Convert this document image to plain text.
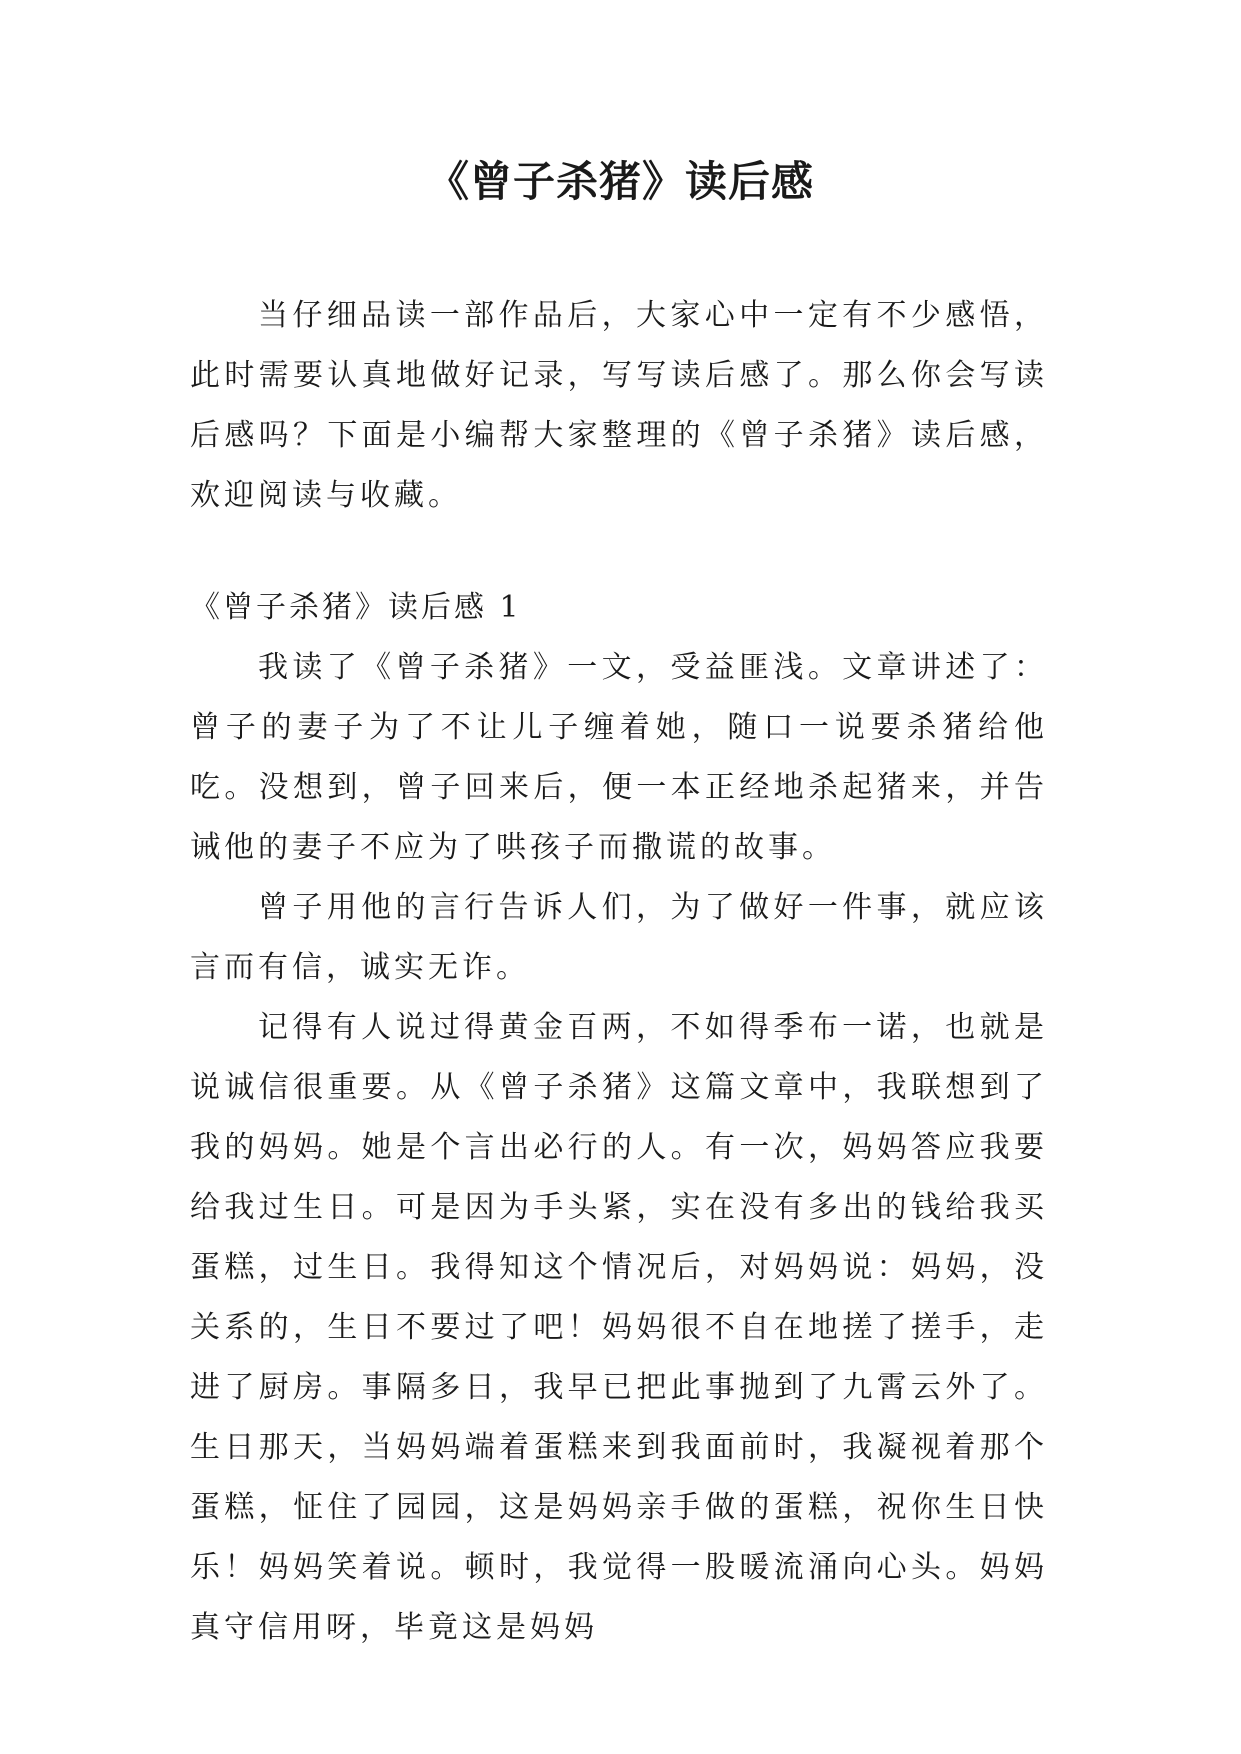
《曾子杀猪》读后感

当仔细品读一部作品后，大家心中一定有不少感悟，此时需要认真地做好记录，写写读后感了。那么你会写读后感吗？下面是小编帮大家整理的《曾子杀猪》读后感，欢迎阅读与收藏。

《曾子杀猪》读后感 1

我读了《曾子杀猪》一文，受益匪浅。文章讲述了：曾子的妻子为了不让儿子缠着她，随口一说要杀猪给他吃。没想到，曾子回来后，便一本正经地杀起猪来，并告诫他的妻子不应为了哄孩子而撒谎的故事。

曾子用他的言行告诉人们，为了做好一件事，就应该言而有信，诚实无诈。

记得有人说过得黄金百两，不如得季布一诺，也就是说诚信很重要。从《曾子杀猪》这篇文章中，我联想到了我的妈妈。她是个言出必行的人。有一次，妈妈答应我要给我过生日。可是因为手头紧，实在没有多出的钱给我买蛋糕，过生日。我得知这个情况后，对妈妈说：妈妈，没关系的，生日不要过了吧！妈妈很不自在地搓了搓手，走进了厨房。事隔多日，我早已把此事抛到了九霄云外了。生日那天，当妈妈端着蛋糕来到我面前时，我凝视着那个蛋糕，怔住了园园，这是妈妈亲手做的蛋糕，祝你生日快乐！妈妈笑着说。顿时，我觉得一股暖流涌向心头。妈妈真守信用呀，毕竟这是妈妈
